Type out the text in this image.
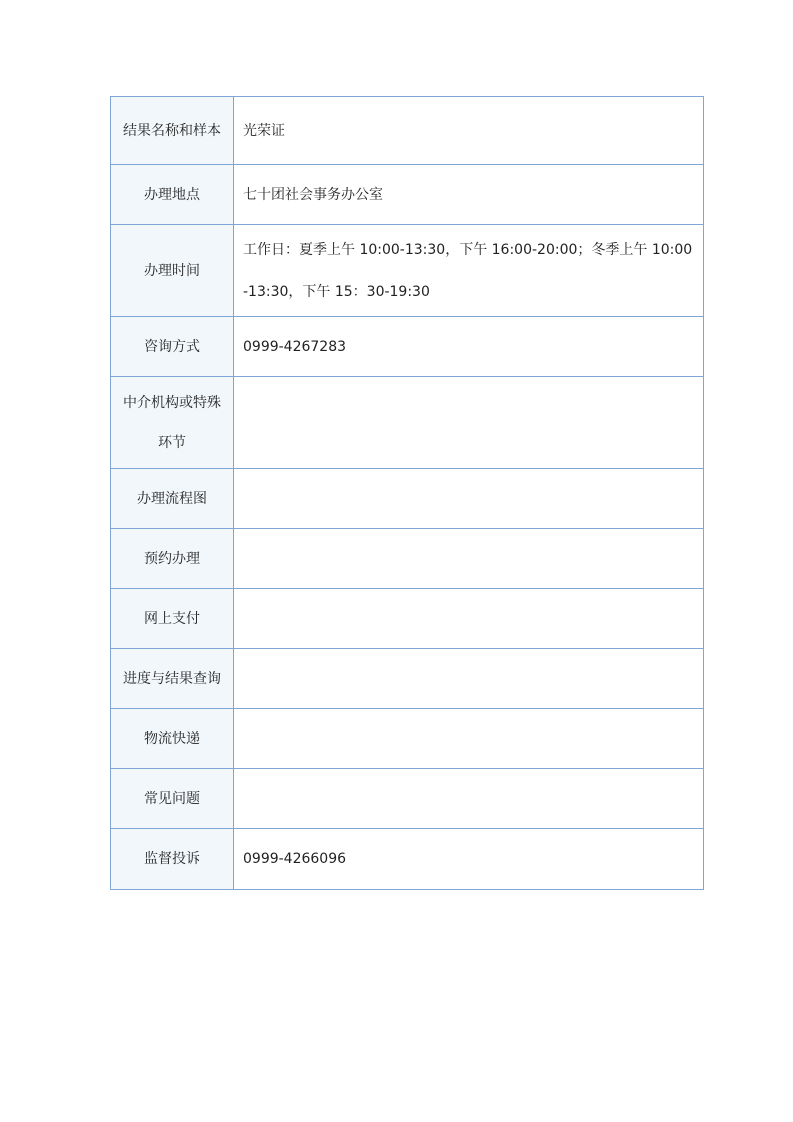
结果名称和样本	光荣证

办理地点	七十团社会事务办公室

办理时间	工作日：夏季上午 10:00-13:30，下午 16:00-20:00；冬季上午 10:00-13:30，下午 15：30-19:30

咨询方式	0999-4267283

中介机构或特殊环节	

办理流程图	

预约办理	

网上支付	

进度与结果查询	

物流快递	

常见问题	

监督投诉	0999-4266096
